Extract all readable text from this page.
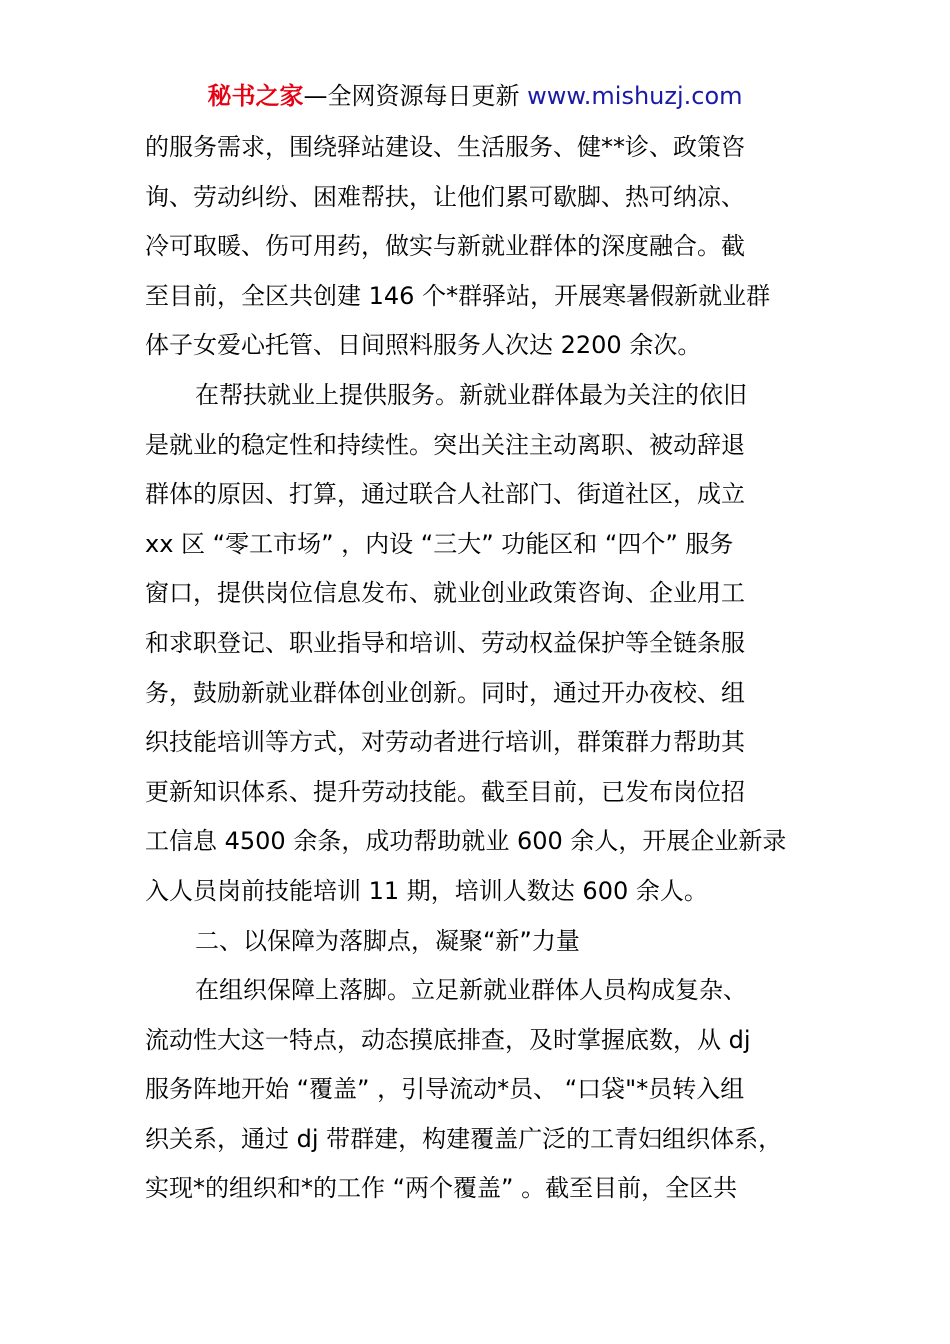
秘书之家—全网资源每日更新 www.mishuzj.com
的服务需求，围绕驿站建设、生活服务、健**诊、政策咨
询、劳动纠纷、困难帮扶，让他们累可歇脚、热可纳凉、
冷可取暖、伤可用药，做实与新就业群体的深度融合。截
至目前，全区共创建 146 个*群驿站，开展寒暑假新就业群
体子女爱心托管、日间照料服务人次达 2200 余次。
在帮扶就业上提供服务。新就业群体最为关注的依旧
是就业的稳定性和持续性。突出关注主动离职、被动辞退
群体的原因、打算，通过联合人社部门、街道社区，成立
xx 区 “零工市场” ，内设 “三大” 功能区和 “四个” 服务
窗口，提供岗位信息发布、就业创业政策咨询、企业用工
和求职登记、职业指导和培训、劳动权益保护等全链条服
务，鼓励新就业群体创业创新。同时，通过开办夜校、组
织技能培训等方式，对劳动者进行培训，群策群力帮助其
更新知识体系、提升劳动技能。截至目前，已发布岗位招
工信息 4500 余条，成功帮助就业 600 余人，开展企业新录
入人员岗前技能培训 11 期，培训人数达 600 余人。
二、以保障为落脚点，凝聚“新”力量
在组织保障上落脚。立足新就业群体人员构成复杂、
流动性大这一特点，动态摸底排查，及时掌握底数，从 dj
服务阵地开始 “覆盖” ，引导流动*员、 “口袋"*员转入组
织关系，通过 dj 带群建，构建覆盖广泛的工青妇组织体系，
实现*的组织和*的工作 “两个覆盖” 。截至目前，全区共
